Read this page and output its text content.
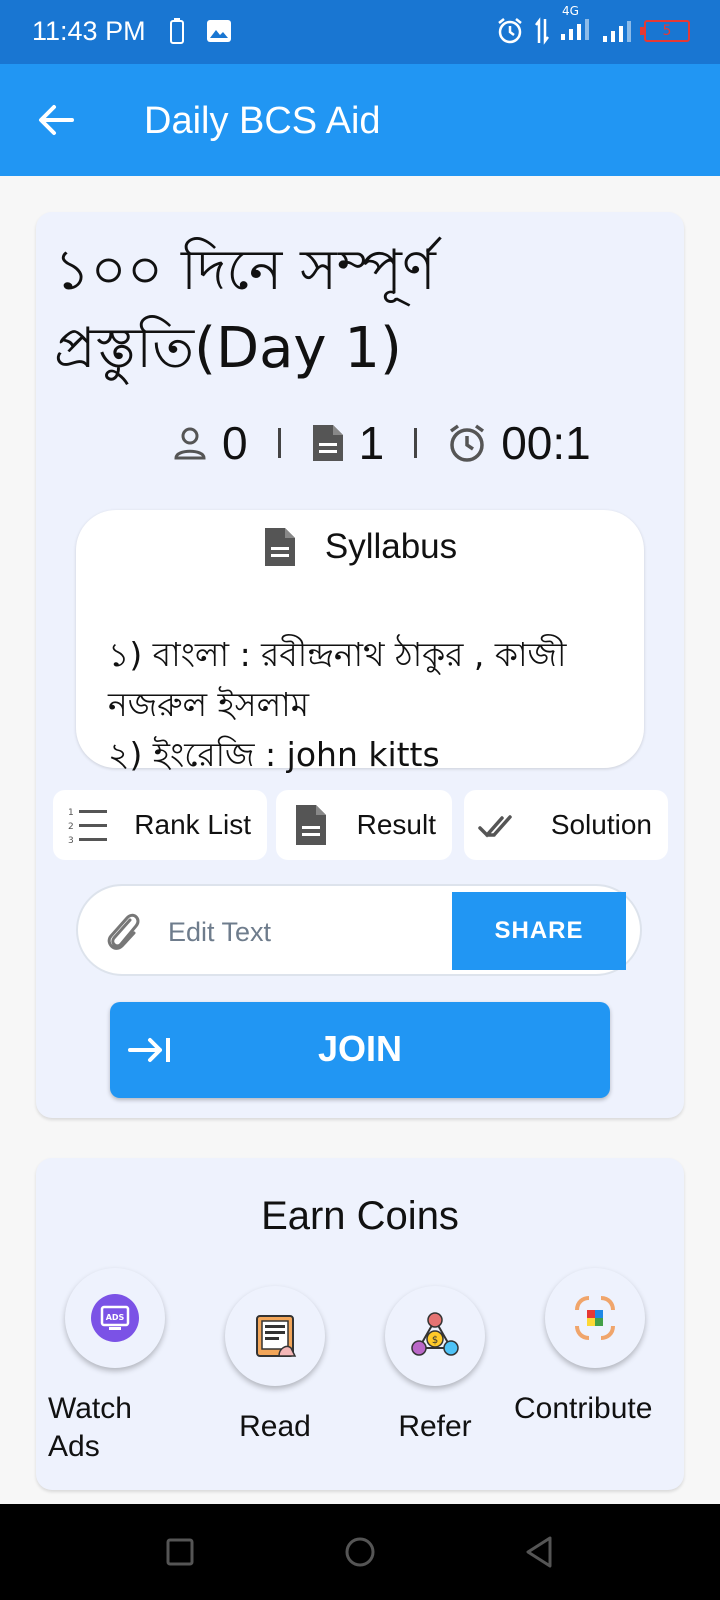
11:43 PM
4G
5
Daily BCS Aid
১০০ দিনে সম্পূর্ণ প্রস্তুতি(Day 1)
0 1	00:1
Syllabus
১) বাংলা : রবীন্দ্রনাথ ঠাকুর , কাজী নজরুল ইসলাম
২) ইংরেজি : john kitts
1
2
3
Rank List	Result	Solution
Edit Text
SHARE
JOIN
Earn Coins
ADS
Watch Ads
Read
$
Refer
Contribute
